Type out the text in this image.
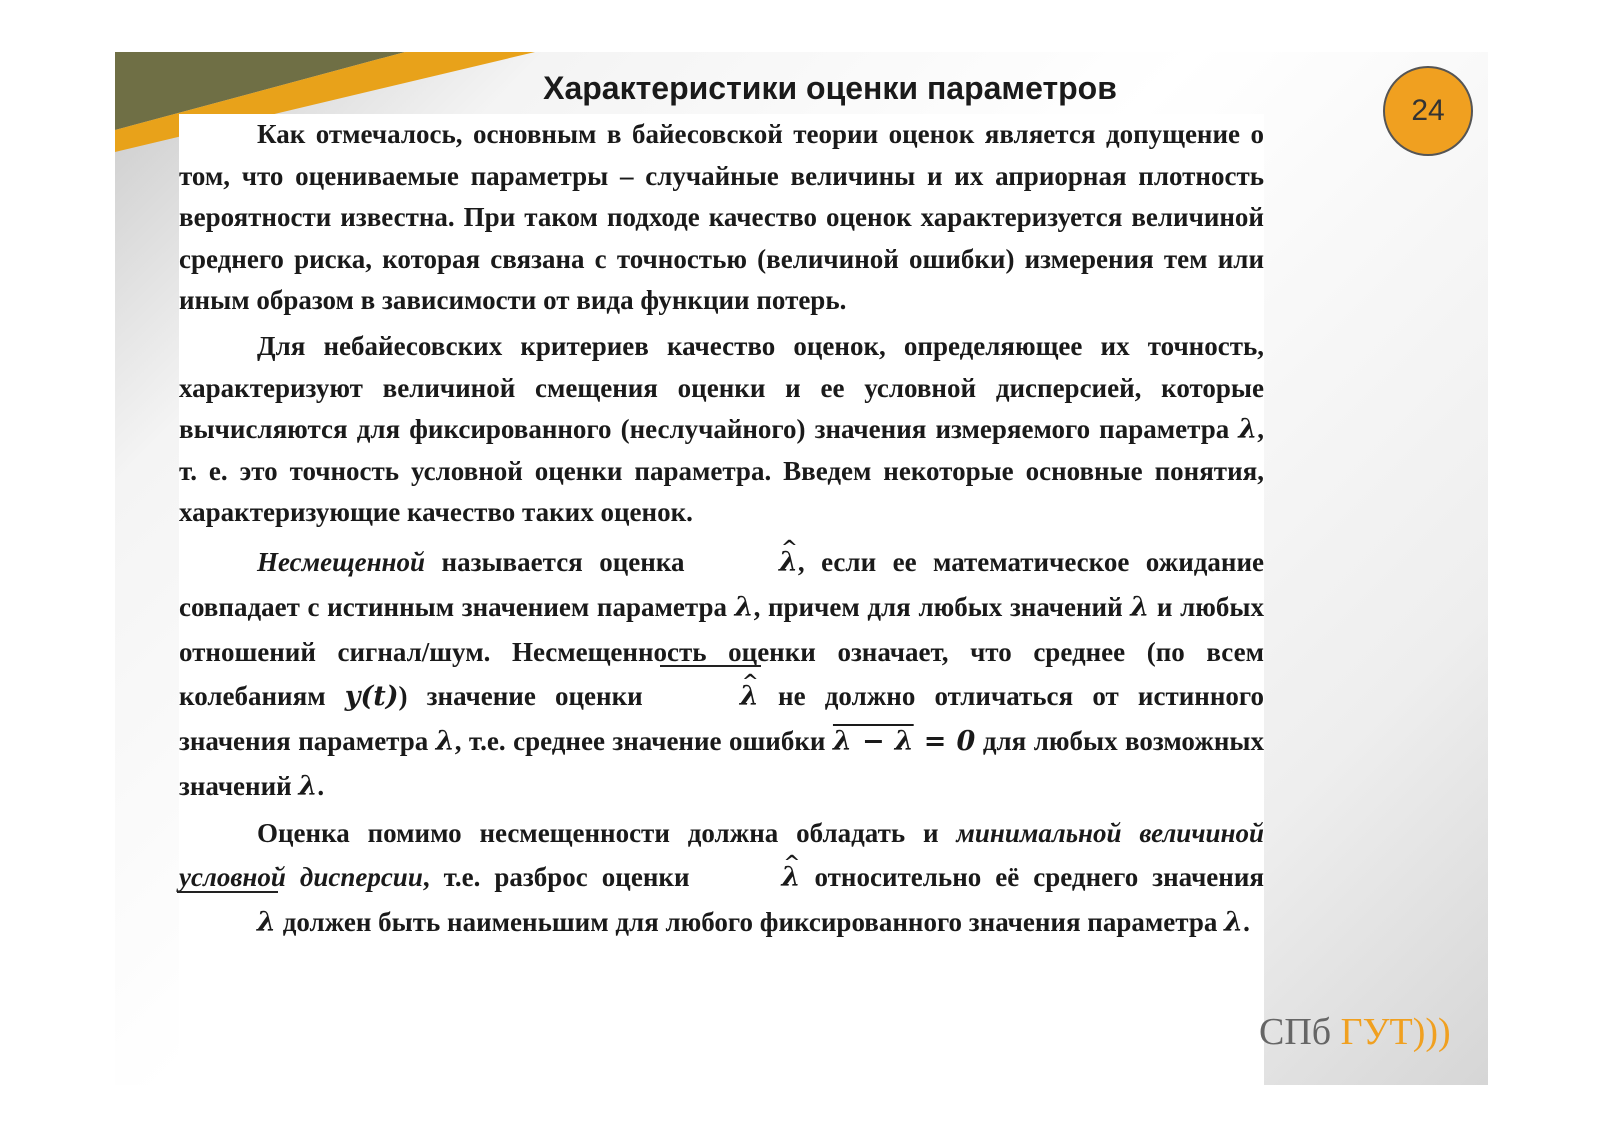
Характеристики оценки параметров
24

Как отмечалось, основным в байесовской теории оценок является допущение о том, что оцениваемые параметры – случайные величины и их априорная плотность вероятности известна. При таком подходе качество оценок характеризуется величиной среднего риска, которая связана с точностью (величиной ошибки) измерения тем или иным образом в зависимости от вида функции потерь.

Для небайесовских критериев качество оценок, определяющее их точность, характеризуют величиной смещения оценки и ее условной дисперсией, которые вычисляются для фиксированного (неслучайного) значения измеряемого параметра λ, т. е. это точность условной оценки параметра. Введем некоторые основные понятия, характеризующие качество таких оценок.

Несмещенной называется оценка	^ λ, если ее математическое ожидание совпадает с истинным значением параметра λ, причем для любых значений λ и любых отношений сигнал/шум. Несмещенность оценки означает, что среднее (по всем колебаниям y(t)) значение оценки	^ λ не должно отличаться от истинного значения параметра λ, т.е. среднее значение ошибки λ − λ = 0 для любых возможных значений λ.

Оценка помимо несмещенности должна обладать и минимальной величиной условной дисперсии, т.е. разброс оценки	^ λ относительно её среднего значения λ должен быть наименьшим для любого фиксированного значения параметра λ.

СПб ГУТ)))
